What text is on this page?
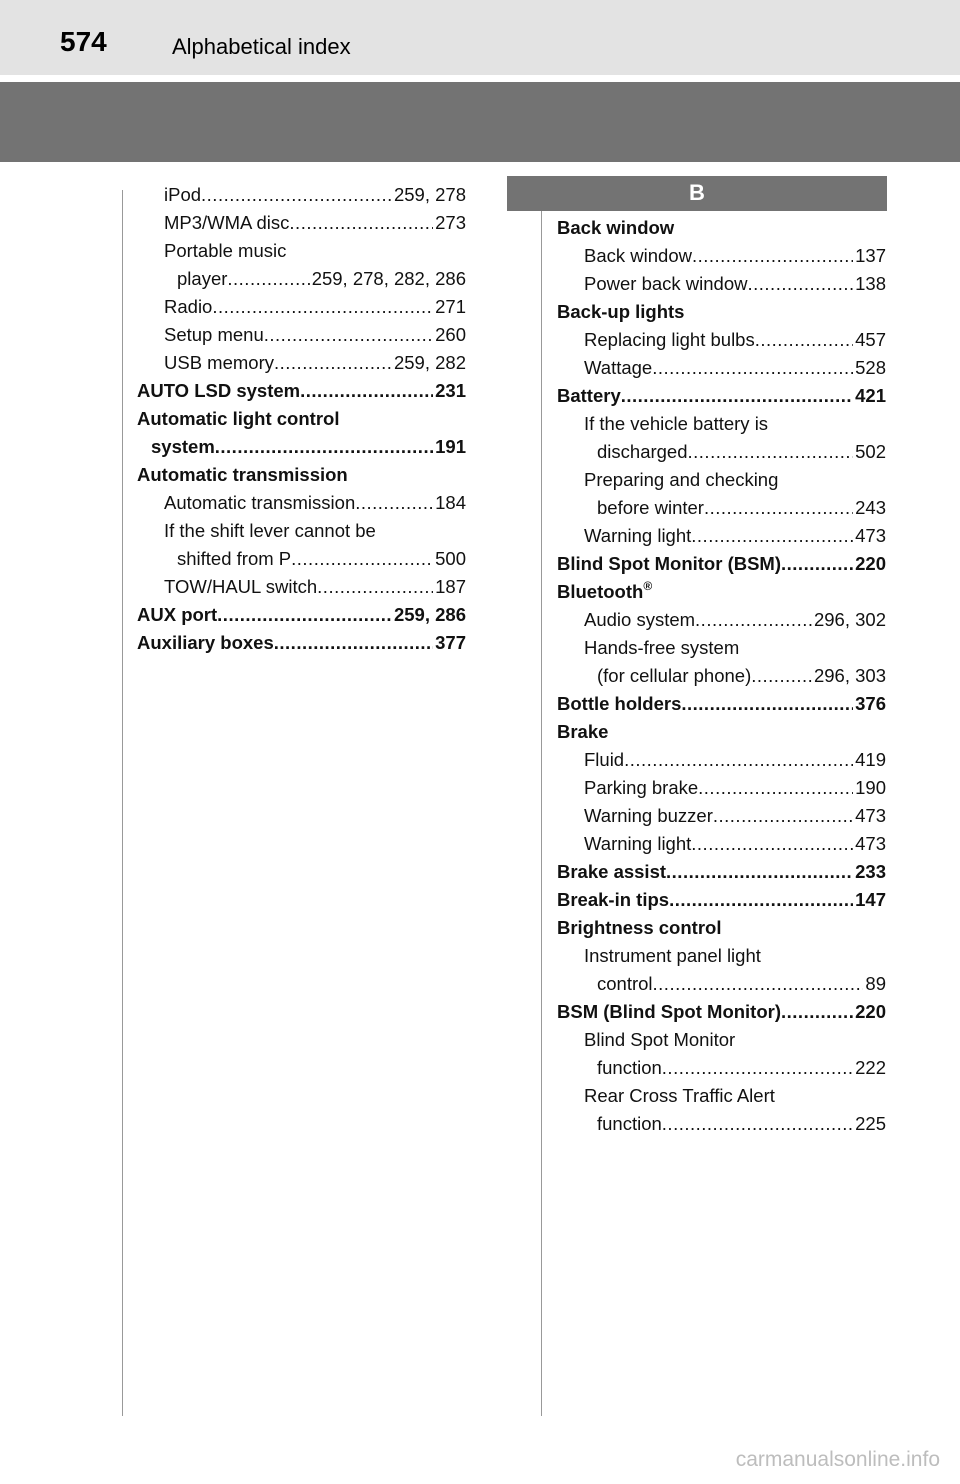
574	Alphabetical index
iPod .....	259, 278
MP3/WMA disc .....	273
Portable music
player .....	259, 278, 282, 286
Radio .....	271
Setup menu .....	260
USB memory .....	259, 282
AUTO LSD system .....	231
Automatic light control
system .....	191
Automatic transmission
Automatic transmission .....	184
If the shift lever cannot be
shifted from P .....	500
TOW/HAUL switch .....	187
AUX port .....	259, 286
Auxiliary boxes .....	377
B
Back window
Back window .....	137
Power back window .....	138
Back-up lights
Replacing light bulbs .....	457
Wattage .....	528
Battery .....	421
If the vehicle battery is
discharged .....	502
Preparing and checking
before winter .....	243
Warning light .....	473
Blind Spot Monitor (BSM) .....	220
Bluetooth®
Audio system .....	296, 302
Hands-free system
(for cellular phone) .....	296, 303
Bottle holders .....	376
Brake
Fluid .....	419
Parking brake .....	190
Warning buzzer .....	473
Warning light .....	473
Brake assist .....	233
Break-in tips .....	147
Brightness control
Instrument panel light
control .....	89
BSM (Blind Spot Monitor) .....	220
Blind Spot Monitor
function .....	222
Rear Cross Traffic Alert
function .....	225
carmanualsonline.info
